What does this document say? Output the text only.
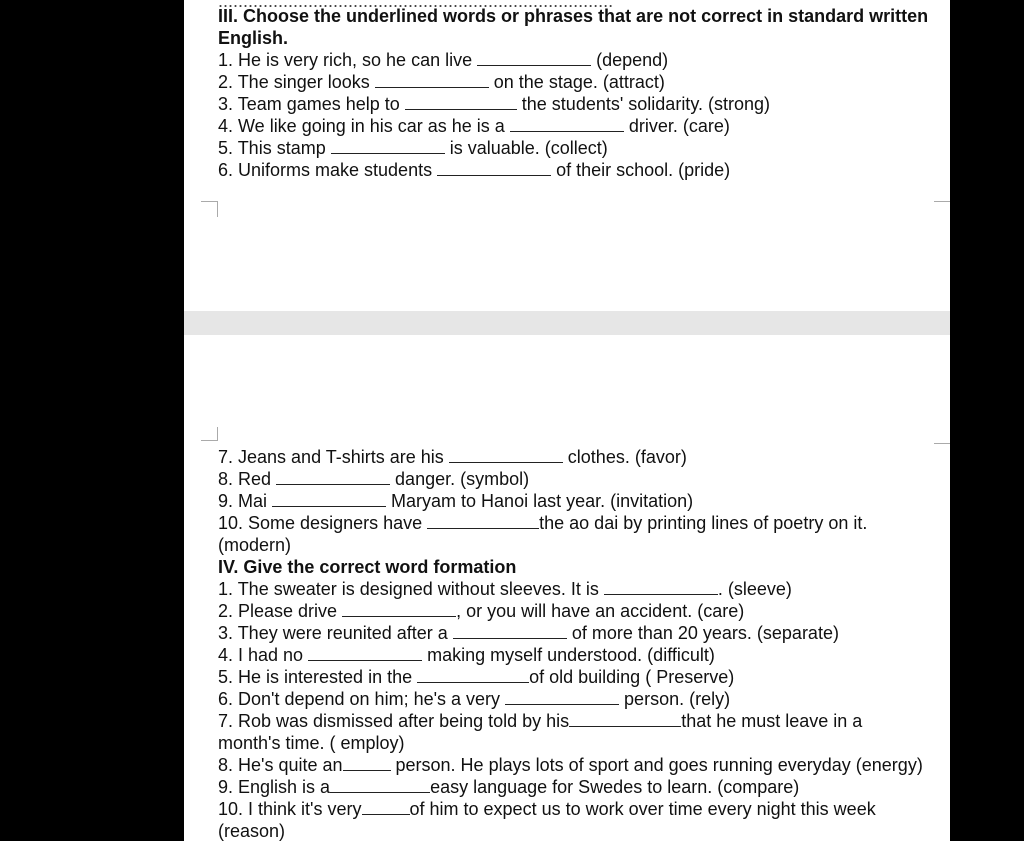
...............................................................................
III. Choose the underlined words or phrases that are not correct in standard written
English.
1. He is very rich, so he can live	(depend)
2. The singer looks	on the stage. (attract)
3. Team games help to	the students' solidarity. (strong)
4. We like going in his car as he is a	driver. (care)
5. This stamp	is valuable. (collect)
6. Uniforms make students	of their school. (pride)
7. Jeans and T-shirts are his	clothes. (favor)
8. Red	danger. (symbol)
9. Mai	Maryam to Hanoi last year. (invitation)
10. Some designers have	the ao dai by printing lines of poetry on it.
(modern)
IV. Give the correct word formation
1. The sweater is designed without sleeves. It is	. (sleeve)
2. Please drive	, or you will have an accident. (care)
3. They were reunited after a	of more than 20 years. (separate)
4. I had no	making myself understood. (difficult)
5. He is interested in the	of old building ( Preserve)
6. Don't depend on him; he's a very	person. (rely)
7. Rob was dismissed after being told by his	that he must leave in a
month's time. ( employ)
8. He's quite an	person. He plays lots of sport and goes running everyday (energy)
9. English is a	easy language for Swedes to learn. (compare)
10. I think it's very	of him to expect us to work over time every night this week
(reason)
